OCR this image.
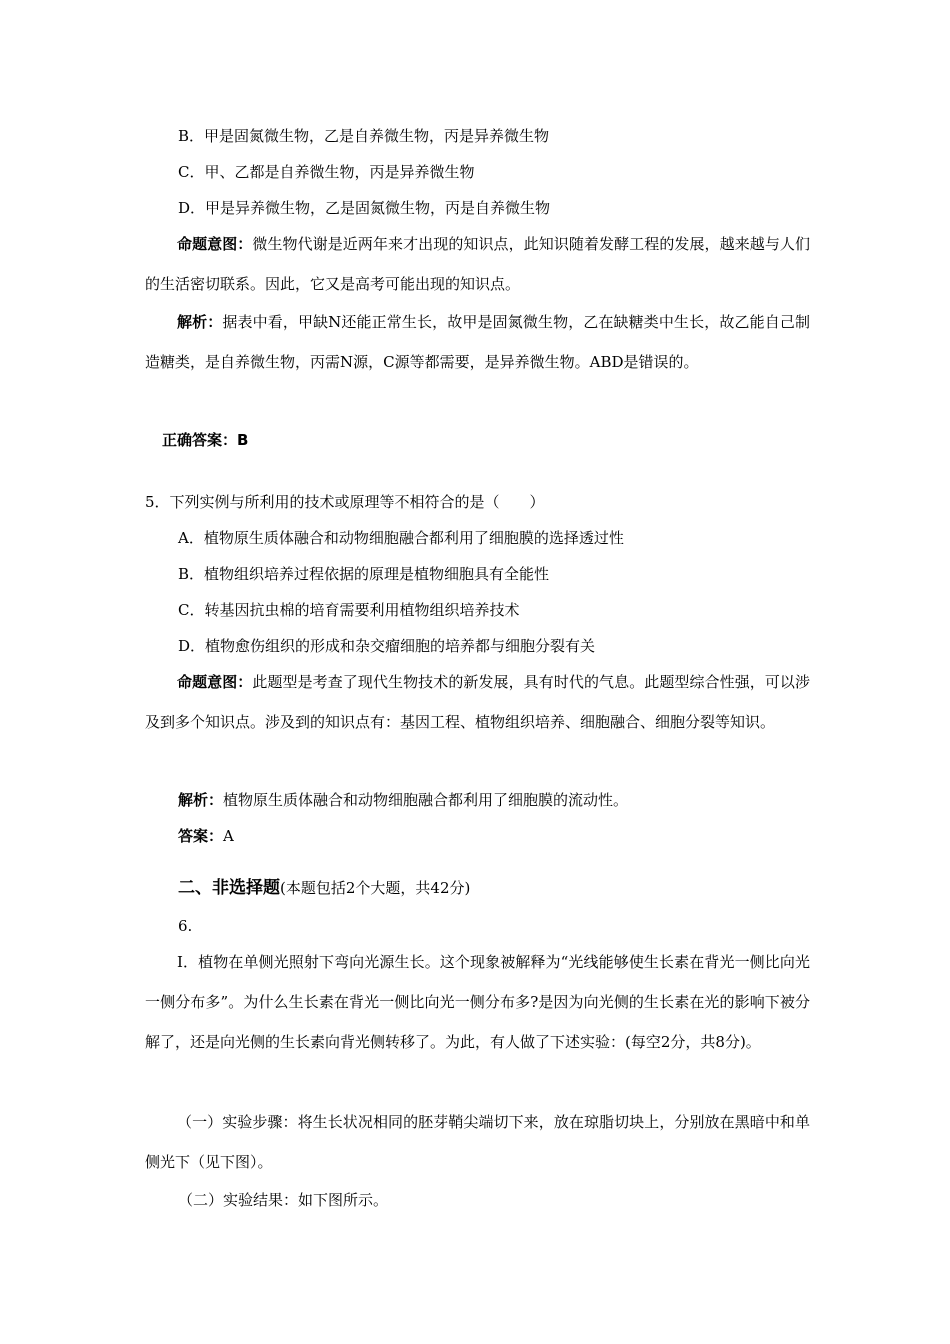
B．甲是固氮微生物，乙是自养微生物，丙是异养微生物
C．甲、乙都是自养微生物，丙是异养微生物
D．甲是异养微生物，乙是固氮微生物，丙是自养微生物
命题意图：微生物代谢是近两年来才出现的知识点，此知识随着发酵工程的发展，越来越与人们的生活密切联系。因此，它又是高考可能出现的知识点。
解析：据表中看，甲缺N还能正常生长，故甲是固氮微生物，乙在缺糖类中生长，故乙能自己制造糖类，是自养微生物，丙需N源，C源等都需要，是异养微生物。ABD是错误的。
正确答案：B
5．下列实例与所利用的技术或原理等不相符合的是（　　）
A．植物原生质体融合和动物细胞融合都利用了细胞膜的选择透过性
B．植物组织培养过程依据的原理是植物细胞具有全能性
C．转基因抗虫棉的培育需要利用植物组织培养技术
D．植物愈伤组织的形成和杂交瘤细胞的培养都与细胞分裂有关
命题意图：此题型是考查了现代生物技术的新发展，具有时代的气息。此题型综合性强，可以涉及到多个知识点。涉及到的知识点有：基因工程、植物组织培养、细胞融合、细胞分裂等知识。
解析：植物原生质体融合和动物细胞融合都利用了细胞膜的流动性。
答案：A
二、非选择题(本题包括2个大题，共42分)
6.
I．植物在单侧光照射下弯向光源生长。这个现象被解释为“光线能够使生长素在背光一侧比向光一侧分布多”。为什么生长素在背光一侧比向光一侧分布多?是因为向光侧的生长素在光的影响下被分解了，还是向光侧的生长素向背光侧转移了。为此，有人做了下述实验：(每空2分，共8分)。
（一）实验步骤：将生长状况相同的胚芽鞘尖端切下来，放在琼脂切块上，分别放在黑暗中和单侧光下（见下图）。
（二）实验结果：如下图所示。
